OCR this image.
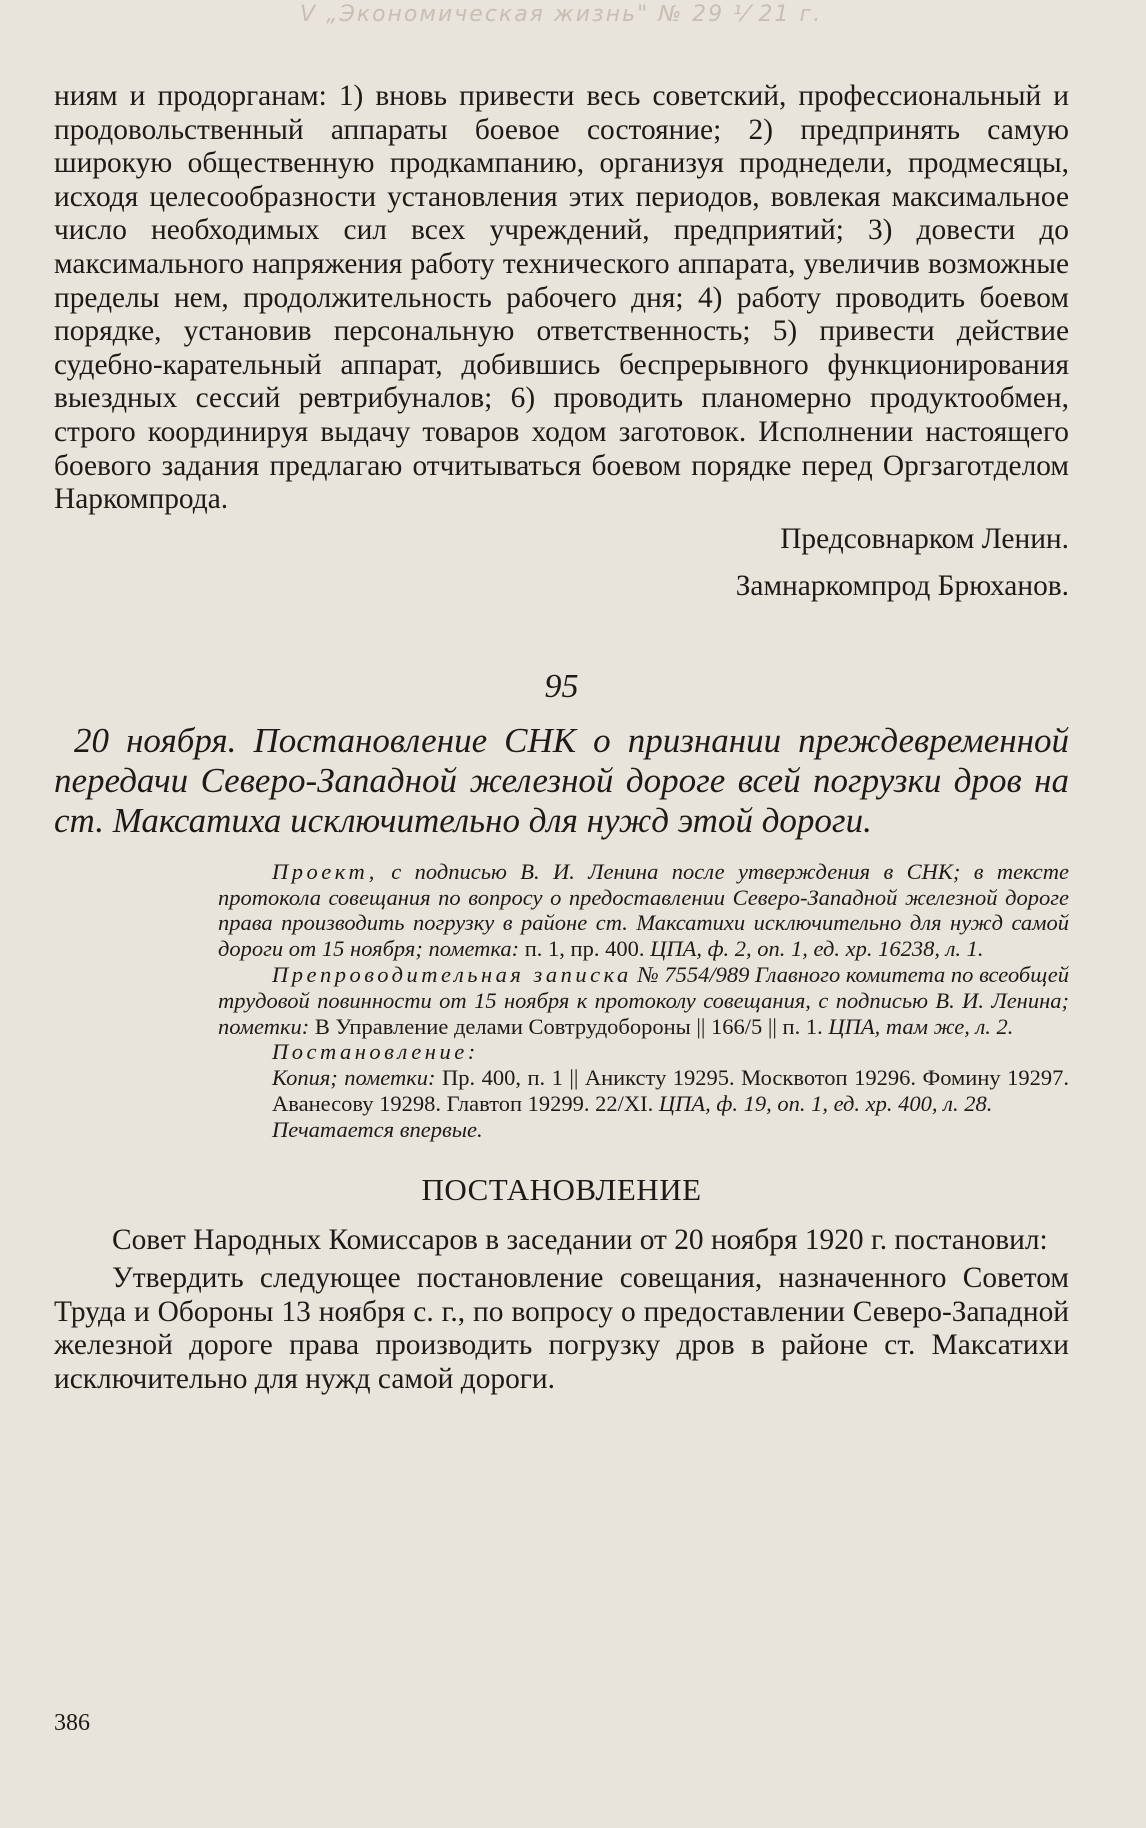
V „Экономическая жизнь" № 29 ¹⁄ 21 г.

ниям и продорганам: 1) вновь привести весь советский, профессиональный и продовольственный аппараты боевое состояние; 2) предпринять самую широкую общественную продкампанию, организуя проднедели, продмесяцы, исходя целесообразности установления этих периодов, вовлекая максимальное число необходимых сил всех учреждений, предприятий; 3) довести до максимального напряжения работу технического аппарата, увеличив возможные пределы нем, продолжительность рабочего дня; 4) работу проводить боевом порядке, установив персональную ответственность; 5) привести действие судебно-карательный аппарат, добившись беспрерывного функционирования выездных сессий ревтрибуналов; 6) проводить планомерно продуктообмен, строго координируя выдачу товаров ходом заготовок. Исполнении настоящего боевого задания предлагаю отчитываться боевом порядке перед Оргзаготделом Наркомпрода.

Предсовнарком Ленин.

Замнаркомпрод Брюханов.

95

20 ноября. Постановление СНК о признании преждевременной передачи Северо-Западной железной дороге всей погрузки дров на ст. Максатиха исключительно для нужд этой дороги.

Проект, с подписью В. И. Ленина после утверждения в СНК; в тексте протокола совещания по вопросу о предоставлении Северо-Западной железной дороге права производить погрузку в районе ст. Максатихи исключительно для нужд самой дороги от 15 ноября; пометка: п. 1, пр. 400. ЦПА, ф. 2, оп. 1, ед. хр. 16238, л. 1.

Препроводительная записка № 7554/989 Главного комитета по всеобщей трудовой повинности от 15 ноября к протоколу совещания, с подписью В. И. Ленина; пометки: В Управление делами Совтрудобороны || 166/5 || п. 1. ЦПА, там же, л. 2.

Постановление:

Копия; пометки: Пр. 400, п. 1 || Аниксту 19295. Москвотоп 19296. Фомину 19297. Аванесову 19298. Главтоп 19299. 22/XI. ЦПА, ф. 19, оп. 1, ед. хр. 400, л. 28.

Печатается впервые.

ПОСТАНОВЛЕНИЕ

Совет Народных Комиссаров в заседании от 20 ноября 1920 г. постановил:

Утвердить следующее постановление совещания, назначенного Советом Труда и Обороны 13 ноября с. г., по вопросу о предоставлении Северо-Западной железной дороге права производить погрузку дров в районе ст. Максатихи исключительно для нужд самой дороги.

386
